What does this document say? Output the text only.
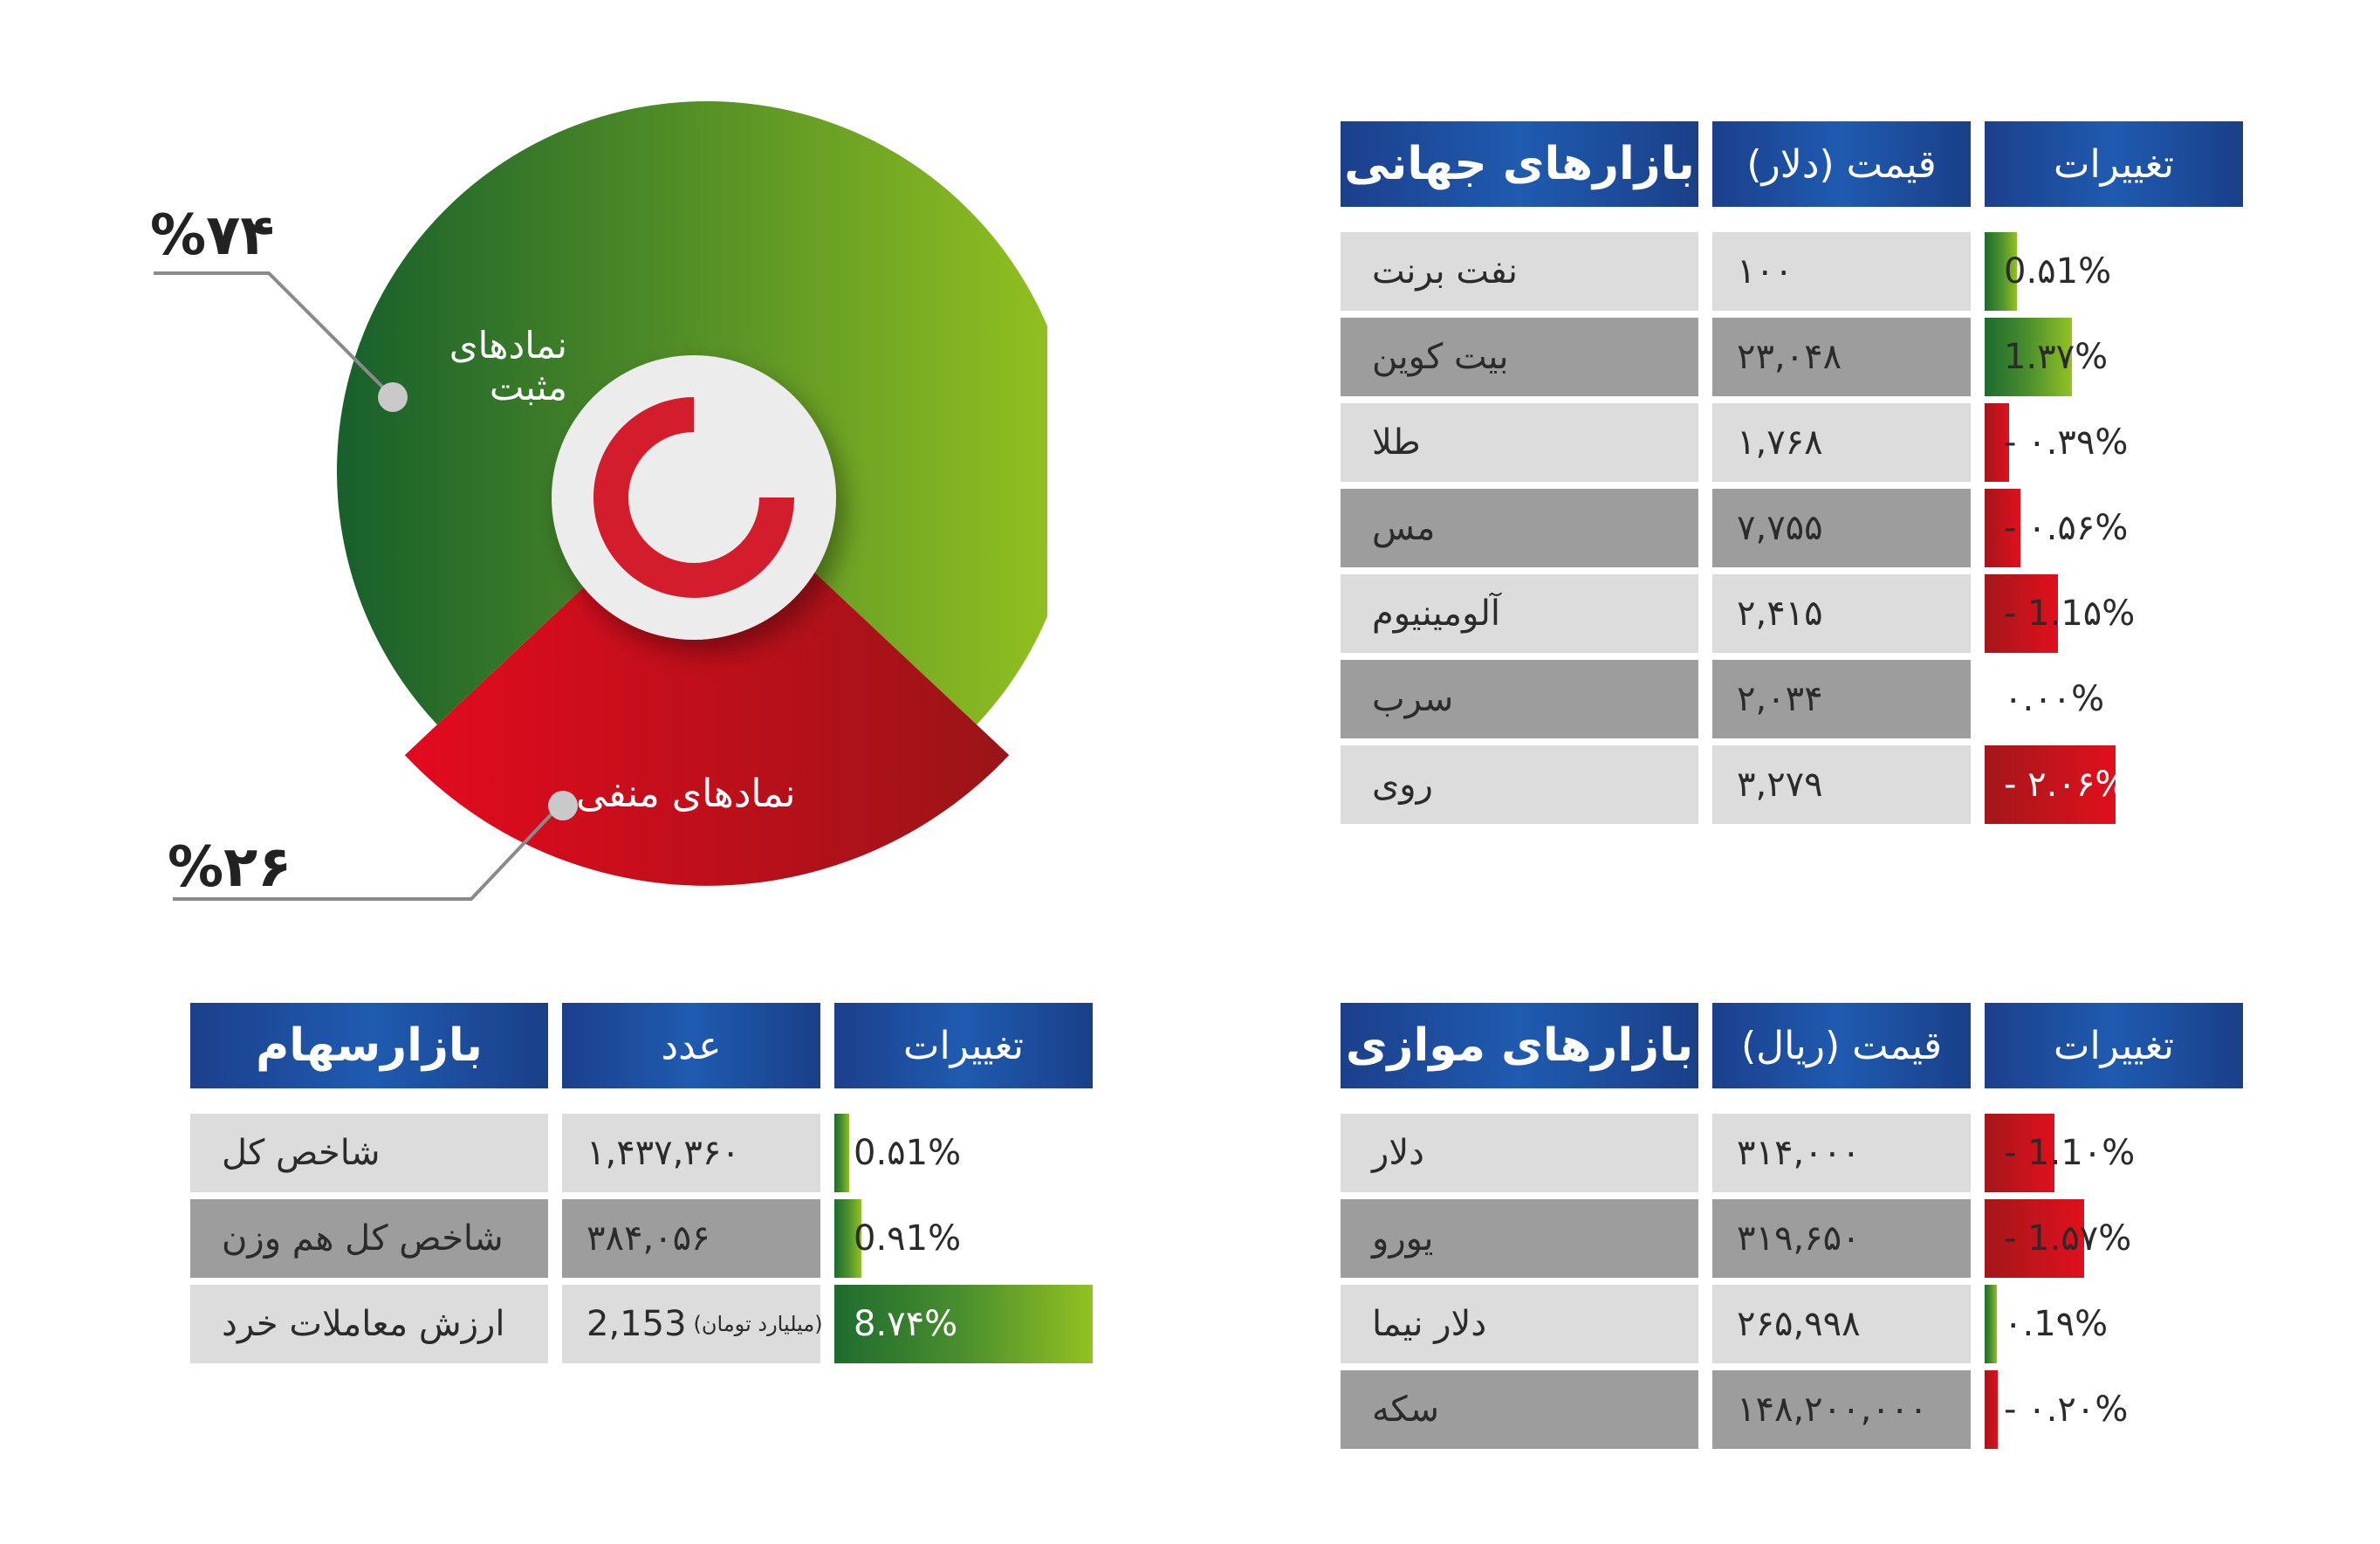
%۷۴
%۲۶
نمادهای مثبت
نمادهای منفی
بازارهای جهانی	قیمت (دلار)	تغییرات
نفت برنت	۱۰۰	0.۵1%
بیت کوین	۲۳,۰۴۸	1.۳۷%
طلا	۱,۷۶۸	- ۰.۳۹%
مس	۷,۷۵۵	- ۰.۵۶%
آلومینیوم	۲,۴۱۵	- 1.1۵%
سرب	۲,۰۳۴	۰.۰۰%
روی	۳,۲۷۹	- ۲.۰۶%
بازارهای موازی	قیمت (ریال)	تغییرات
دلار	۳۱۴,۰۰۰	- 1.1۰%
یورو	۳۱۹,۶۵۰	- 1.۵۷%
دلار نیما	۲۶۵,۹۹۸	۰.1۹%
سکه	۱۴۸,۲۰۰,۰۰۰	- ۰.۲۰%
بازارسهام	عدد	تغییرات
شاخص کل	۱,۴۳۷,۳۶۰	0.۵1%
شاخص کل هم وزن	۳۸۴,۰۵۶	0.۹1%
ارزش معاملات خرد	2,153 (میلیارد تومان) 8.۷۴%
